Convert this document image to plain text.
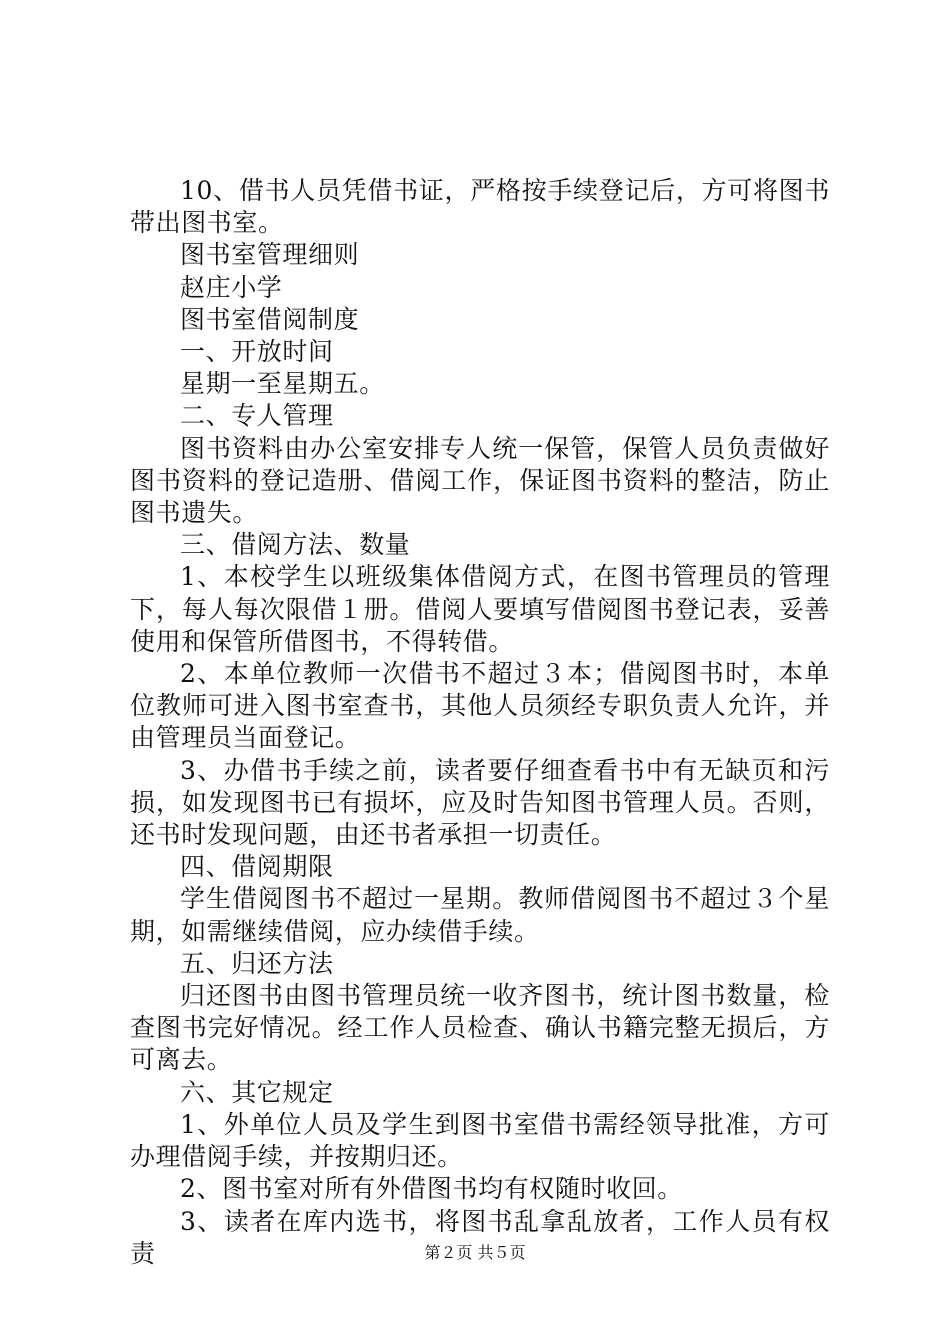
10、借书人员凭借书证，严格按手续登记后，方可将图书带出图书室。

图书室管理细则

赵庄小学

图书室借阅制度

一、开放时间

星期一至星期五。

二、专人管理

图书资料由办公室安排专人统一保管，保管人员负责做好图书资料的登记造册、借阅工作，保证图书资料的整洁，防止图书遗失。

三、借阅方法、数量

1、本校学生以班级集体借阅方式，在图书管理员的管理下，每人每次限借１册。借阅人要填写借阅图书登记表，妥善使用和保管所借图书，不得转借。

2、本单位教师一次借书不超过３本；借阅图书时，本单位教师可进入图书室查书，其他人员须经专职负责人允许，并由管理员当面登记。

3、办借书手续之前，读者要仔细查看书中有无缺页和污损，如发现图书已有损坏，应及时告知图书管理人员。否则，还书时发现问题，由还书者承担一切责任。

四、借阅期限

学生借阅图书不超过一星期。教师借阅图书不超过３个星期，如需继续借阅，应办续借手续。

五、归还方法

归还图书由图书管理员统一收齐图书，统计图书数量，检查图书完好情况。经工作人员检查、确认书籍完整无损后，方可离去。

六、其它规定

1、外单位人员及学生到图书室借书需经领导批准，方可办理借阅手续，并按期归还。

2、图书室对所有外借图书均有权随时收回。

3、读者在库内选书，将图书乱拿乱放者，工作人员有权责	第２页 共５页
